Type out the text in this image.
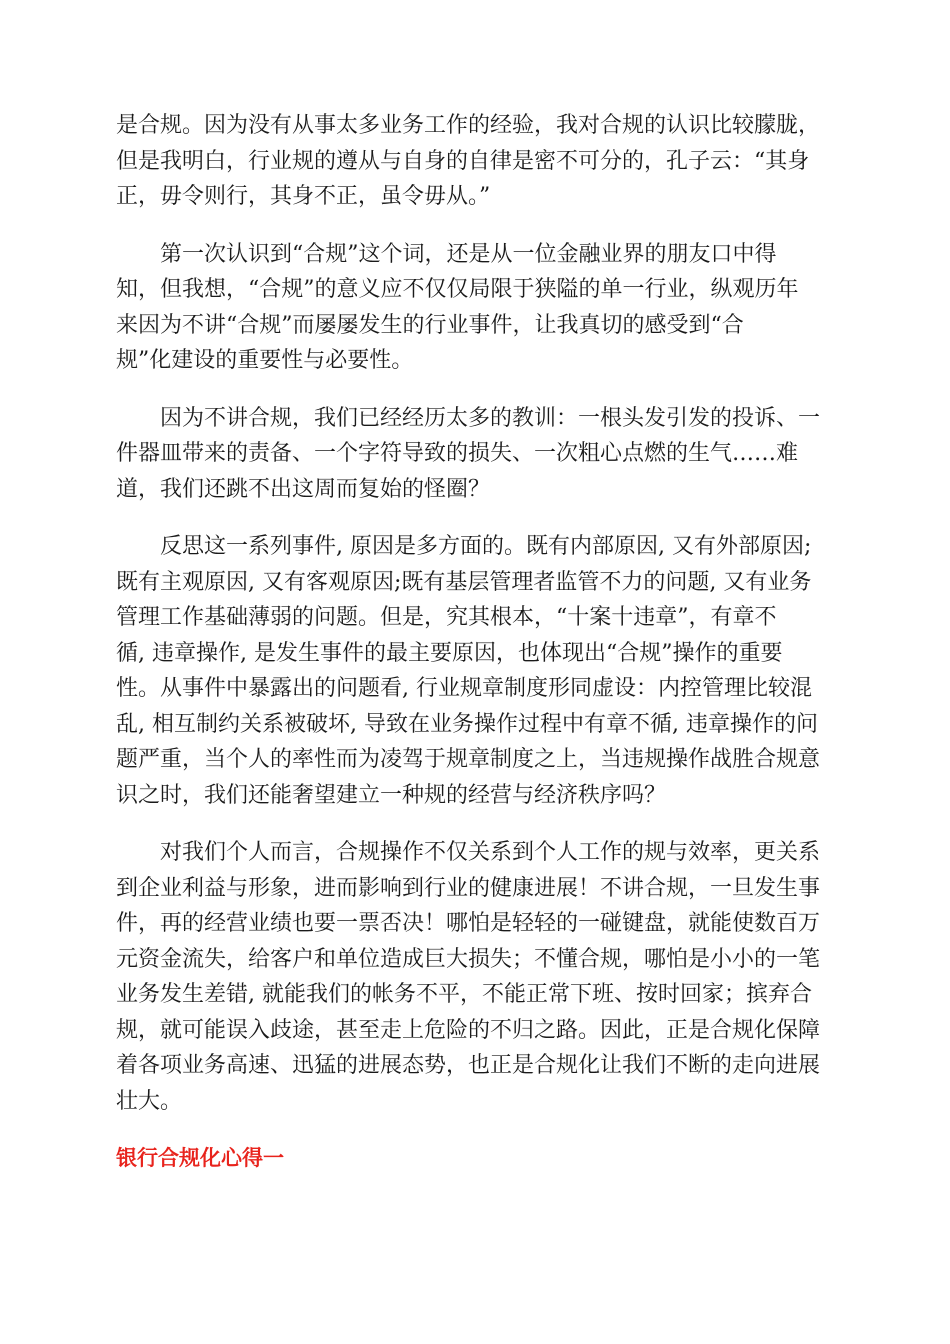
是合规。因为没有从事太多业务工作的经验，我对合规的认识比较朦胧，
但是我明白，行业规的遵从与自身的自律是密不可分的，孔子云：“其身
正，毋令则行，其身不正，虽令毋从。”
　　第一次认识到“合规”这个词，还是从一位金融业界的朋友口中得
知，但我想，“合规”的意义应不仅仅局限于狭隘的单一行业，纵观历年
来因为不讲“合规”而屡屡发生的行业事件，让我真切的感受到“合
规”化建设的重要性与必要性。
　　因为不讲合规，我们已经经历太多的教训：一根头发引发的投诉、一
件器皿带来的责备、一个字符导致的损失、一次粗心点燃的生气……难
道，我们还跳不出这周而复始的怪圈？
　　反思这一系列事件, 原因是多方面的。既有内部原因, 又有外部原因;
既有主观原因, 又有客观原因;既有基层管理者监管不力的问题, 又有业务
管理工作基础薄弱的问题。但是，究其根本，“十案十违章”，有章不
循, 违章操作, 是发生事件的最主要原因，也体现出“合规”操作的重要
性。从事件中暴露出的问题看, 行业规章制度形同虚设：内控管理比较混
乱, 相互制约关系被破坏, 导致在业务操作过程中有章不循, 违章操作的问
题严重，当个人的率性而为凌驾于规章制度之上，当违规操作战胜合规意
识之时，我们还能奢望建立一种规的经营与经济秩序吗？
　　对我们个人而言，合规操作不仅关系到个人工作的规与效率，更关系
到企业利益与形象，进而影响到行业的健康进展！不讲合规，一旦发生事
件，再的经营业绩也要一票否决！哪怕是轻轻的一碰键盘，就能使数百万
元资金流失，给客户和单位造成巨大损失；不懂合规，哪怕是小小的一笔
业务发生差错, 就能我们的帐务不平，不能正常下班、按时回家；摈弃合
规，就可能误入歧途，甚至走上危险的不归之路。因此，正是合规化保障
着各项业务高速、迅猛的进展态势，也正是合规化让我们不断的走向进展
壮大。
银行合规化心得一
